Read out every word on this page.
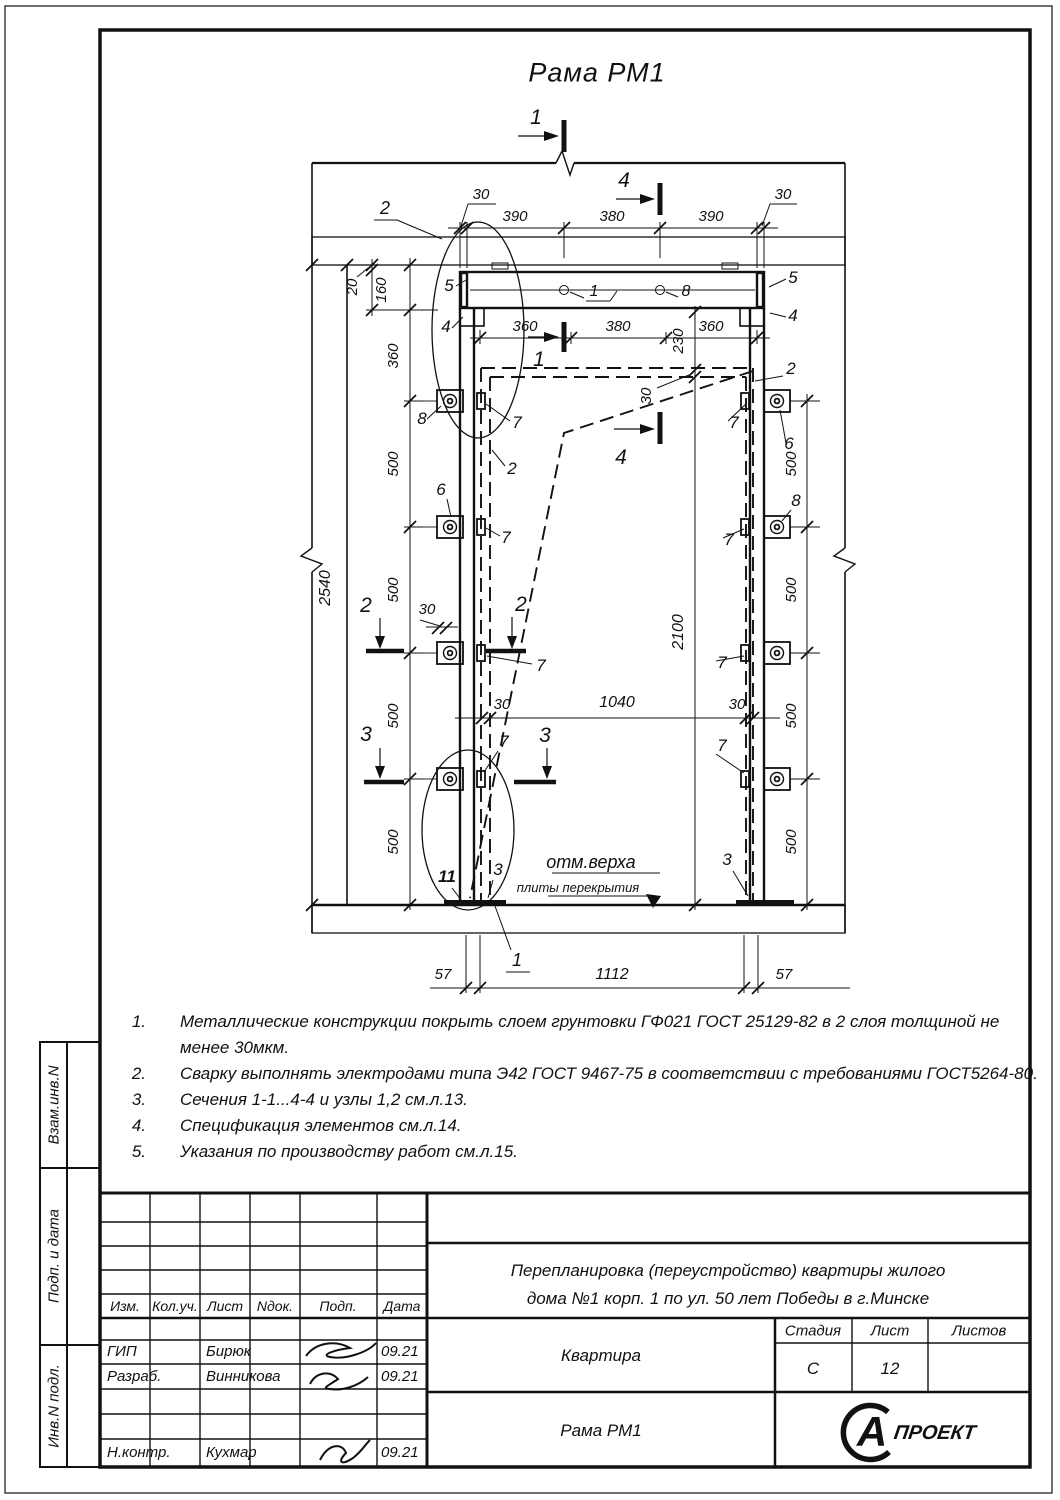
30
390	380	390
30
360	380	360
20 160
360
500
500
500
500
2540
500
500
500
500
230
30
2100
30
30	1040	30
57	1112	57
1
4
1
4
2	2
3	3
2
5	5
4
4
8	7	7
6
2
2
6
8
7	7
7	7
7	7
3
3
11
1
1	8
отм.верха
плиты перекрытия
Рама РМ1
1. Металлические конструкции покрыть слоем грунтовки ГФ021 ГОСТ 25129-82 в 2 слоя толщиной не
менее 30мкм.
2. Сварку выполнять электродами типа Э42 ГОСТ 9467-75 в соответствии с требованиями ГОСТ5264-80.
3. Сечения 1-1...4-4 и узлы 1,2 см.л.13.
4. Спецификация элементов см.л.14.
5. Указания по производству работ см.л.15.
Взам.инв.N
Подп. и дата
Инв.N подл.
Изм. Кол.уч. Лист Nдок. Подп. Дата
ГИП	Бирюк	09.21
Разраб.	Винникова	09.21
Н.контр. Кухмар	09.21
Перепланировка (переустройство) квартиры жилого
дома №1 корп. 1 по ул. 50 лет Победы в г.Минске
Квартира
Рама РМ1
Стадия Лист	Листов
С	12
А ПРОЕКТ
